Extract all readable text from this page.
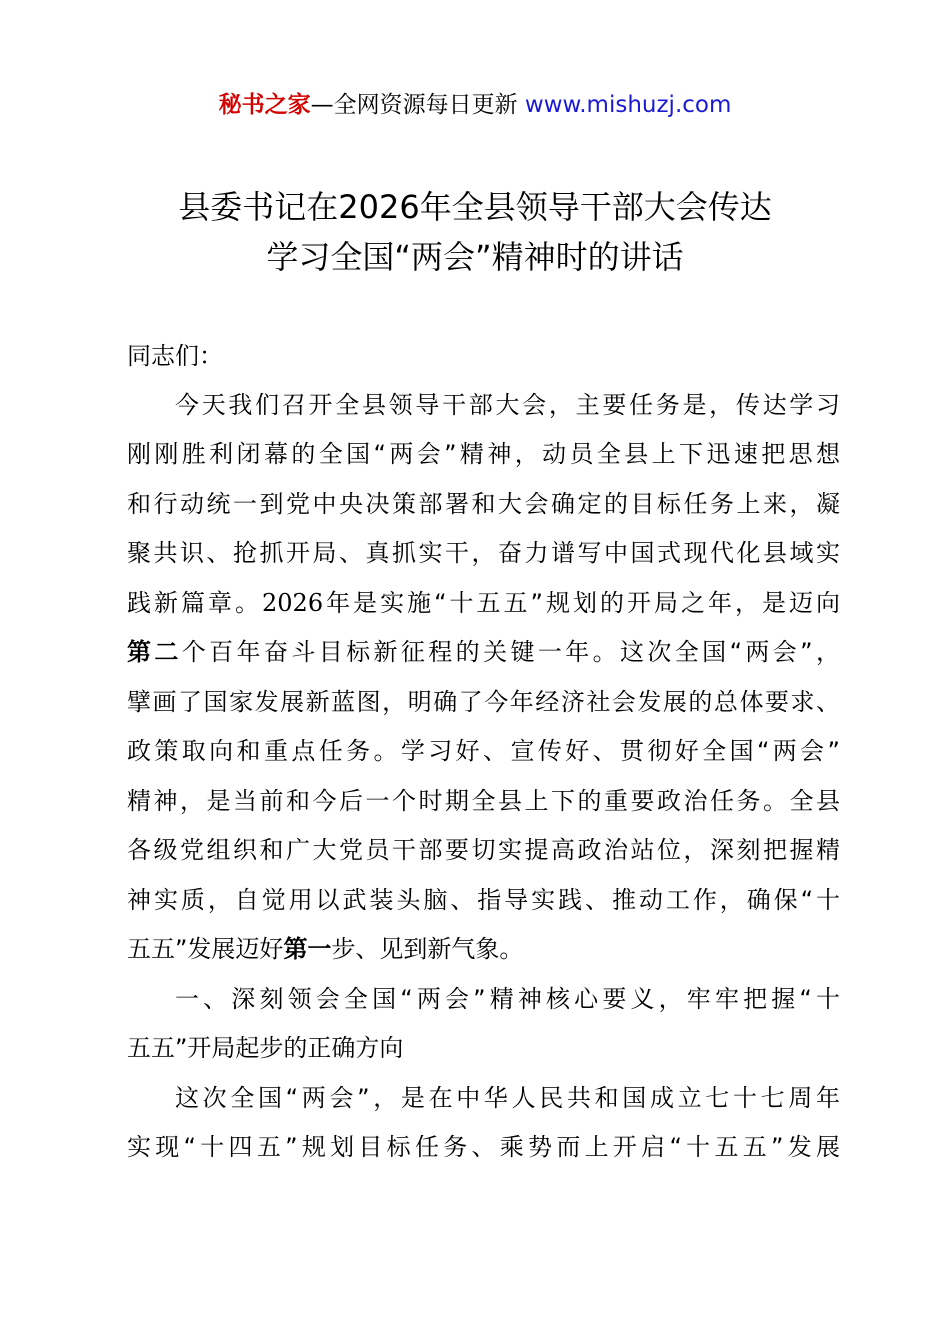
秘书之家—全网资源每日更新 www.mishuzj.com
县委书记在2026年全县领导干部大会传达
学习全国“两会”精神时的讲话
同志们：
今天我们召开全县领导干部大会，主要任务是，传达学习
刚刚胜利闭幕的全国“两会”精神，动员全县上下迅速把思想
和行动统一到党中央决策部署和大会确定的目标任务上来，凝
聚共识、抢抓开局、真抓实干，奋力谱写中国式现代化县域实
践新篇章。2026年是实施“十五五”规划的开局之年，是迈向
第二个百年奋斗目标新征程的关键一年。这次全国“两会”，
擘画了国家发展新蓝图，明确了今年经济社会发展的总体要求、
政策取向和重点任务。学习好、宣传好、贯彻好全国“两会”
精神，是当前和今后一个时期全县上下的重要政治任务。全县
各级党组织和广大党员干部要切实提高政治站位，深刻把握精
神实质，自觉用以武装头脑、指导实践、推动工作，确保“十
五五”发展迈好第一步、见到新气象。
一、深刻领会全国“两会”精神核心要义，牢牢把握“十
五五”开局起步的正确方向
这次全国“两会”，是在中华人民共和国成立七十七周年
实现“十四五”规划目标任务、乘势而上开启“十五五”发展
